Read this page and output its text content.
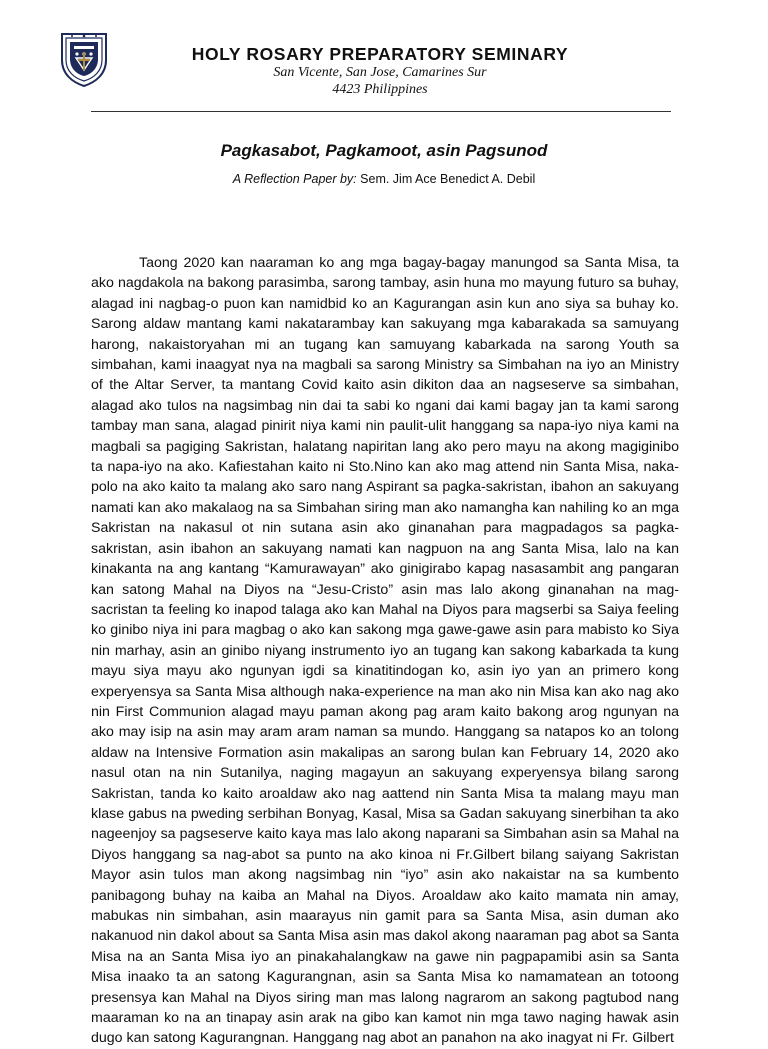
HOLY ROSARY PREPARATORY SEMINARY

San Vicente, San Jose, Camarines Sur

4423 Philippines

Pagkasabot, Pagkamoot, asin Pagsunod

A Reflection Paper by: Sem. Jim Ace Benedict A. Debil

Taong 2020 kan naaraman ko ang mga bagay-bagay manungod sa Santa Misa, ta ako nagdakola na bakong parasimba, sarong tambay, asin huna mo mayung futuro sa buhay, alagad ini nagbag-o puon kan namidbid ko an Kagurangan asin kun ano siya sa buhay ko. Sarong aldaw mantang kami nakatarambay kan sakuyang mga kabarakada sa samuyang harong, nakaistoryahan mi an tugang kan samuyang kabarkada na sarong Youth sa simbahan, kami inaagyat nya na magbali sa sarong Ministry sa Simbahan na iyo an Ministry of the Altar Server, ta mantang Covid kaito asin dikiton daa an nagseserve sa simbahan, alagad ako tulos na nagsimbag nin dai ta sabi ko ngani dai kami bagay jan ta kami sarong tambay man sana, alagad pinirit niya kami nin paulit-ulit hanggang sa napa-iyo niya kami na magbali sa pagiging Sakristan, halatang napiritan lang ako pero mayu na akong magiginibo ta napa-iyo na ako. Kafiestahan kaito ni Sto.Nino kan ako mag attend nin Santa Misa, naka-polo na ako kaito ta malang ako saro nang Aspirant sa pagka-sakristan, ibahon an sakuyang namati kan ako makalaog na sa Simbahan siring man ako namangha kan nahiling ko an mga Sakristan na nakasul ot nin sutana asin ako ginanahan para magpadagos sa pagka-sakristan, asin ibahon an sakuyang namati kan nagpuon na ang Santa Misa, lalo na kan kinakanta na ang kantang “Kamurawayan” ako ginigirabo kapag nasasambit ang pangaran kan satong Mahal na Diyos na “Jesu-Cristo” asin mas lalo akong ginanahan na mag- sacristan ta feeling ko inapod talaga ako kan Mahal na Diyos para magserbi sa Saiya feeling ko ginibo niya ini para magbag o ako kan sakong mga gawe-gawe asin para mabisto ko Siya nin marhay, asin an ginibo niyang instrumento iyo an tugang kan sakong kabarkada ta kung mayu siya mayu ako ngunyan igdi sa kinatitindogan ko, asin iyo yan an primero kong experyensya sa Santa Misa although naka-experience na man ako nin Misa kan ako nag ako nin First Communion alagad mayu paman akong pag aram kaito bakong arog ngunyan na ako may isip na asin may aram aram naman sa mundo. Hanggang sa natapos ko an tolong aldaw na Intensive Formation asin makalipas an sarong bulan kan February 14, 2020 ako nasul otan na nin Sutanilya, naging magayun an sakuyang experyensya bilang sarong Sakristan, tanda ko kaito aroaldaw ako nag aattend nin Santa Misa ta malang mayu man klase gabus na pweding serbihan Bonyag, Kasal, Misa sa Gadan sakuyang sinerbihan ta ako nageenjoy sa pagseserve kaito kaya mas lalo akong naparani sa Simbahan asin sa Mahal na Diyos hanggang sa nag-abot sa punto na ako kinoa ni Fr.Gilbert bilang saiyang Sakristan Mayor asin tulos man akong nagsimbag nin “iyo” asin ako nakaistar na sa kumbento panibagong buhay na kaiba an Mahal na Diyos. Aroaldaw ako kaito mamata nin amay, mabukas nin simbahan, asin maarayus nin gamit para sa Santa Misa, asin duman ako nakanuod nin dakol about sa Santa Misa asin mas dakol akong naaraman pag abot sa Santa Misa na an Santa Misa iyo an pinakahalangkaw na gawe nin pagpapamibi asin sa Santa Misa inaako ta an satong Kagurangnan, asin sa Santa Misa ko namamatean an totoong presensya kan Mahal na Diyos siring man mas lalong nagrarom an sakong pagtubod nang maaraman ko na an tinapay asin arak na gibo kan kamot nin mga tawo naging hawak asin dugo kan satong Kagurangnan. Hanggang nag abot an panahon na ako inagyat ni Fr. Gilbert
